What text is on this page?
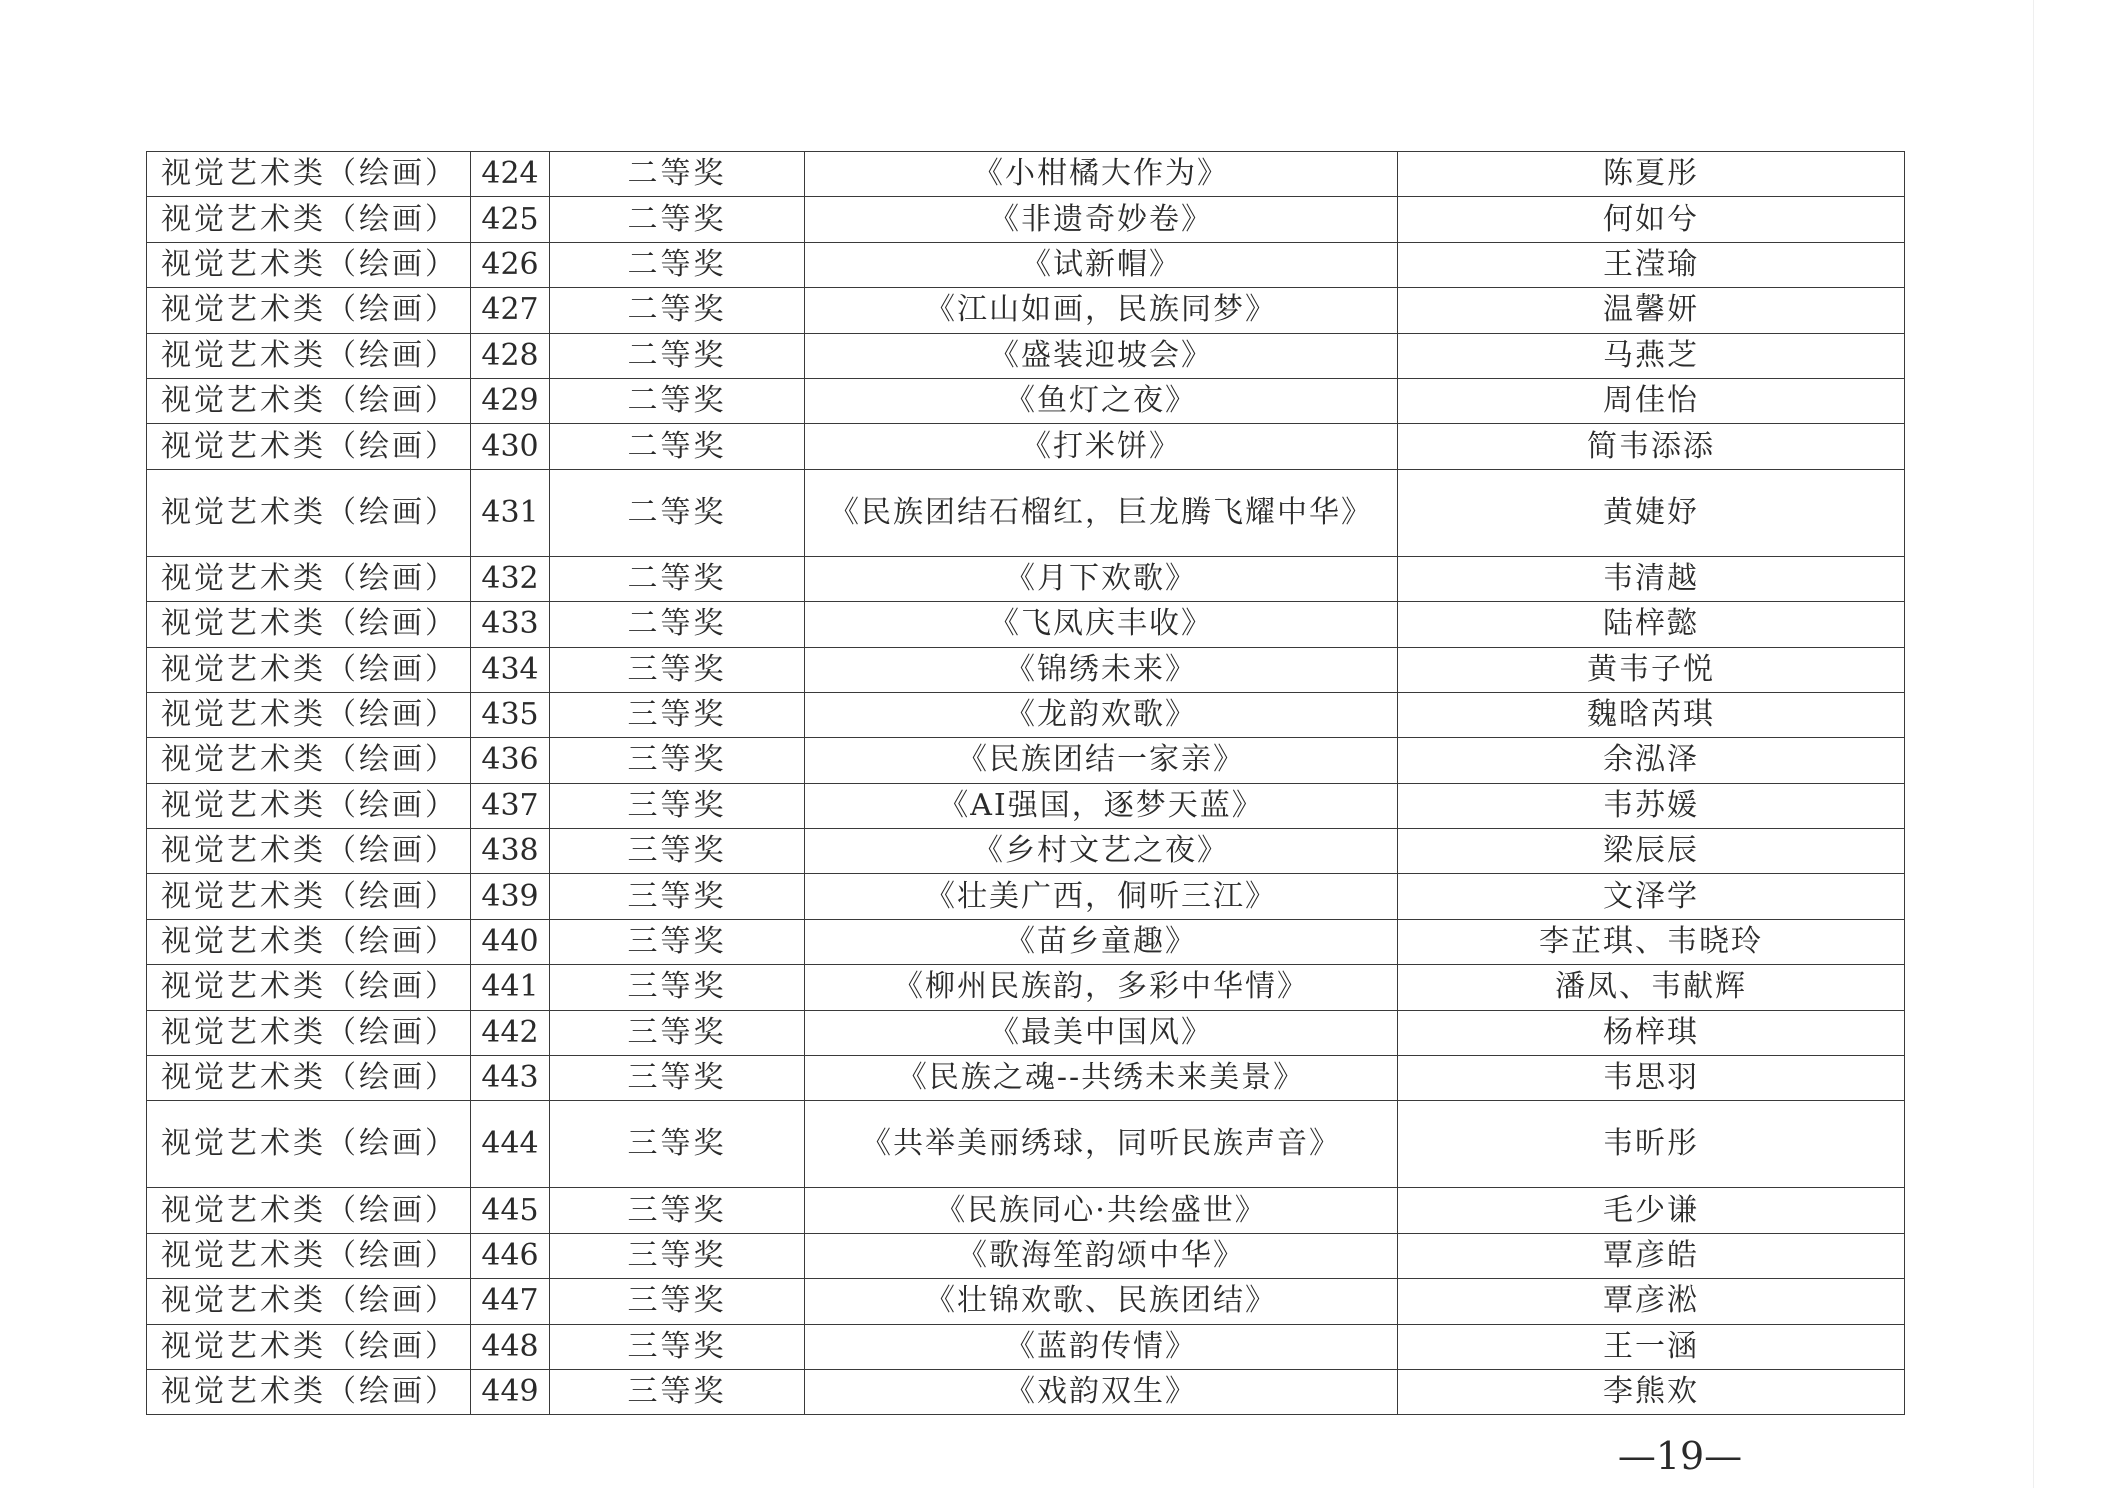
视觉艺术类（绘画）	424	二等奖	《小柑橘大作为》	陈夏彤
视觉艺术类（绘画）	425	二等奖	《非遗奇妙卷》	何如兮
视觉艺术类（绘画）	426	二等奖	《试新帽》	王滢瑜
视觉艺术类（绘画）	427	二等奖	《江山如画，民族同梦》	温馨妍
视觉艺术类（绘画）	428	二等奖	《盛装迎坡会》	马燕芝
视觉艺术类（绘画）	429	二等奖	《鱼灯之夜》	周佳怡
视觉艺术类（绘画）	430	二等奖	《打米饼》	简韦添添
视觉艺术类（绘画）	431	二等奖	《民族团结石榴红，巨龙腾飞耀中华》	黄婕妤
视觉艺术类（绘画）	432	二等奖	《月下欢歌》	韦清越
视觉艺术类（绘画）	433	二等奖	《飞凤庆丰收》	陆梓懿
视觉艺术类（绘画）	434	三等奖	《锦绣未来》	黄韦子悦
视觉艺术类（绘画）	435	三等奖	《龙韵欢歌》	魏晗芮琪
视觉艺术类（绘画）	436	三等奖	《民族团结一家亲》	余泓泽
视觉艺术类（绘画）	437	三等奖	《AI强国，逐梦天蓝》	韦苏媛
视觉艺术类（绘画）	438	三等奖	《乡村文艺之夜》	梁辰辰
视觉艺术类（绘画）	439	三等奖	《壮美广西，侗听三江》	文泽学
视觉艺术类（绘画）	440	三等奖	《苗乡童趣》	李芷琪、韦晓玲
视觉艺术类（绘画）	441	三等奖	《柳州民族韵，多彩中华情》	潘凤、韦献辉
视觉艺术类（绘画）	442	三等奖	《最美中国风》	杨梓琪
视觉艺术类（绘画）	443	三等奖	《民族之魂--共绣未来美景》	韦思羽
视觉艺术类（绘画）	444	三等奖	《共举美丽绣球，同听民族声音》	韦昕彤
视觉艺术类（绘画）	445	三等奖	《民族同心·共绘盛世》	毛少谦
视觉艺术类（绘画）	446	三等奖	《歌海笙韵颂中华》	覃彦皓
视觉艺术类（绘画）	447	三等奖	《壮锦欢歌、民族团结》	覃彦淞
视觉艺术类（绘画）	448	三等奖	《蓝韵传情》	王一涵
视觉艺术类（绘画）	449	三等奖	《戏韵双生》	李熊欢
—19—
